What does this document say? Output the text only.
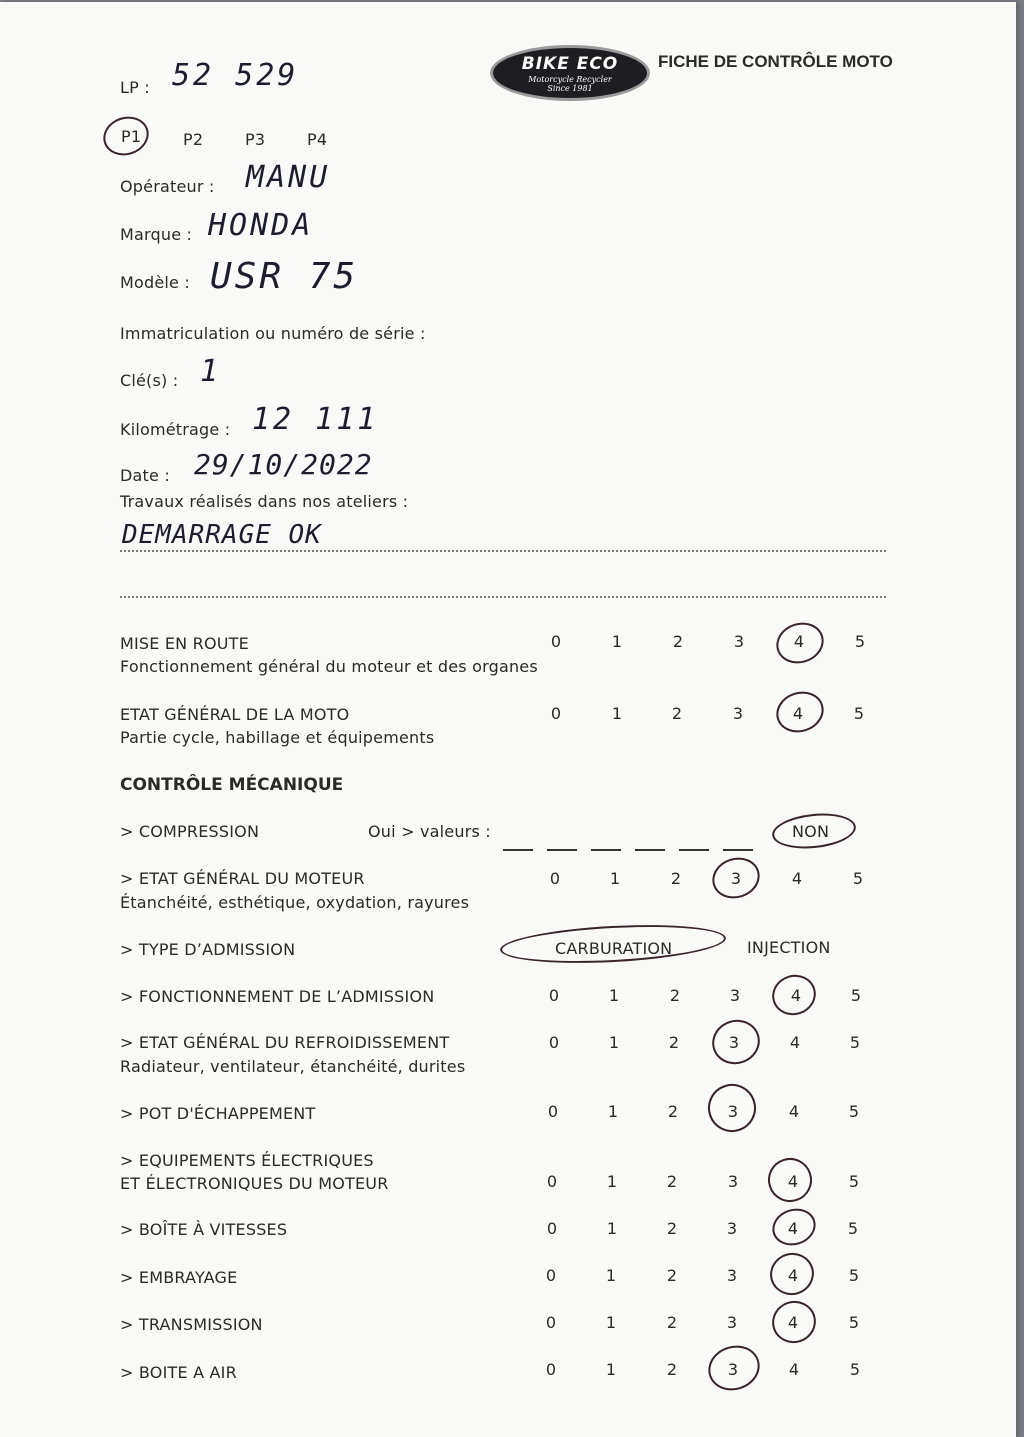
BIKE ECO
Motorcycle Recycler
Since 1981
FICHE DE CONTRÔLE MOTO
LP : 52 529
P1	P2	P3	P4
Opérateur : MANU
Marque : HONDA
Modèle : USR 75
Immatriculation ou numéro de série :
Clé(s) : 1
Kilométrage : 12 111
Date : 29/10/2022
Travaux réalisés dans nos ateliers :
DEMARRAGE OK
MISE EN ROUTE
Fonctionnement général du moteur et des organes
0	1	2	3	4	5
ETAT GÉNÉRAL DE LA MOTO
Partie cycle, habillage et équipements
0	1	2	3	4	5
CONTRÔLE MÉCANIQUE
> COMPRESSION	Oui > valeurs :	NON
> ETAT GÉNÉRAL DU MOTEUR
Étanchéité, esthétique, oxydation, rayures
0	1	2	3	4	5
> TYPE D’ADMISSION	CARBURATION	INJECTION
> FONCTIONNEMENT DE L’ADMISSION	0	1	2	3	4	5
> ETAT GÉNÉRAL DU REFROIDISSEMENT
Radiateur, ventilateur, étanchéité, durites
0	1	2	3	4	5
> POT D'ÉCHAPPEMENT	0	1	2	3	4	5
> EQUIPEMENTS ÉLECTRIQUES
ET ÉLECTRONIQUES DU MOTEUR	0	1	2	3	4	5
> BOÎTE À VITESSES	0	1	2	3	4	5
> EMBRAYAGE	0	1	2	3	4	5
> TRANSMISSION	0	1	2	3	4	5
> BOITE A AIR	0	1	2	3	4	5
